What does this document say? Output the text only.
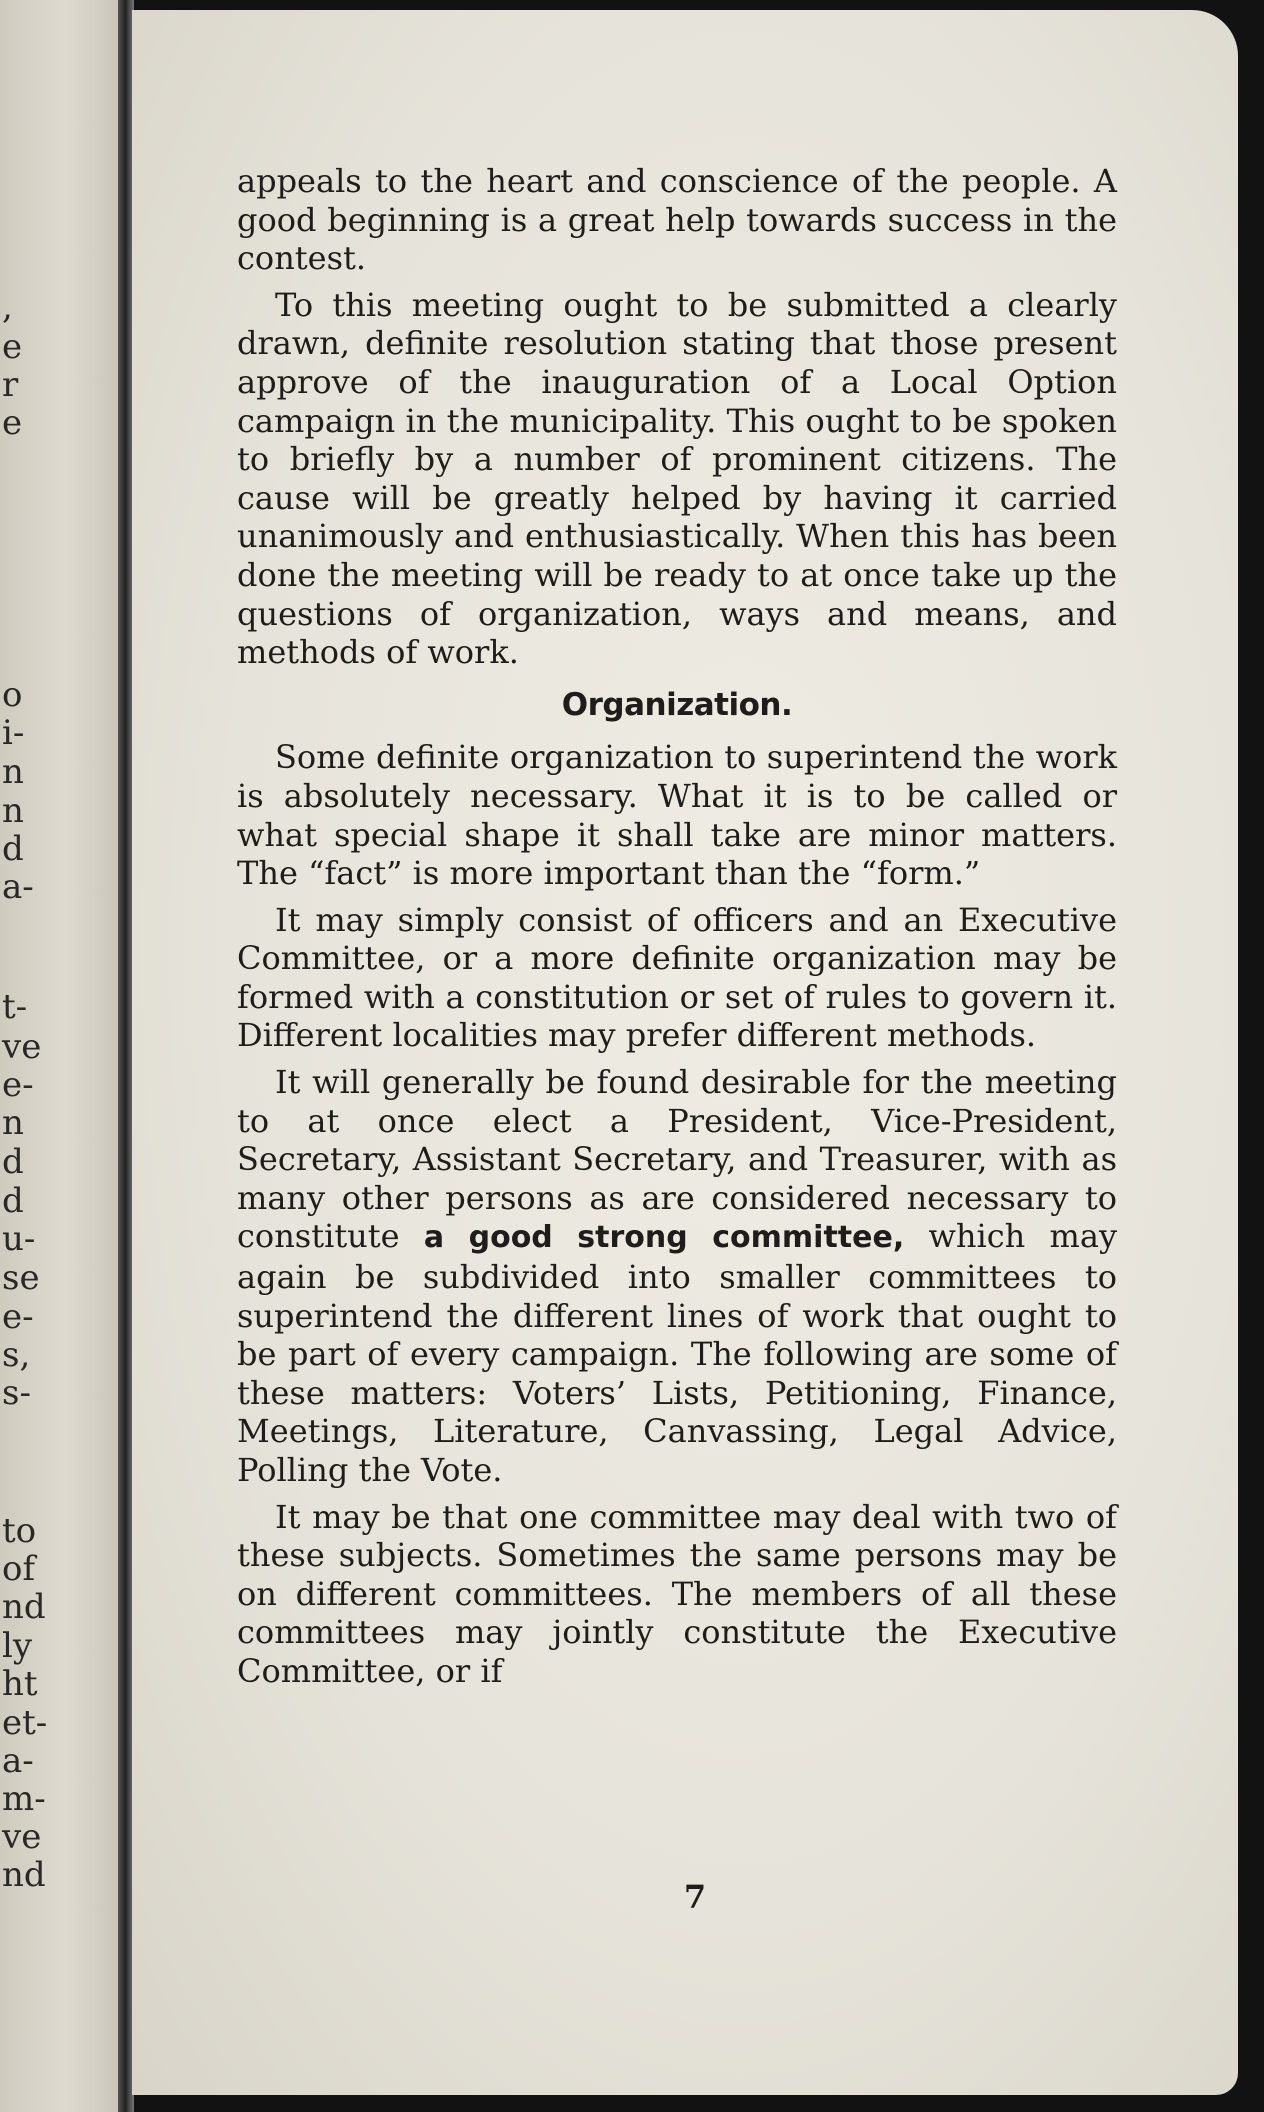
,
e
r
e
o
i-
n
n
d
a-
t-
ve
e-
n
d
d
u-
se
e-
s,
s-
to
of
nd
ly
ht
et-
a-
m-
ve
nd

appeals to the heart and conscience of the people. A good beginning is a great help towards success in the contest.

To this meeting ought to be submitted a clearly drawn, definite resolution stating that those present approve of the inauguration of a Local Option campaign in the municipality. This ought to be spoken to briefly by a number of prominent citizens. The cause will be greatly helped by having it carried unanimously and enthusiastically. When this has been done the meeting will be ready to at once take up the questions of organization, ways and means, and methods of work.

Organization.

Some definite organization to superintend the work is absolutely necessary. What it is to be called or what special shape it shall take are minor matters. The “fact” is more important than the “form.”

It may simply consist of officers and an Executive Committee, or a more definite organization may be formed with a constitution or set of rules to govern it. Different localities may prefer different methods.

It will generally be found desirable for the meeting to at once elect a President, Vice-President, Secretary, Assistant Secretary, and Treasurer, with as many other persons as are considered necessary to constitute a good strong committee, which may again be subdivided into smaller committees to superintend the different lines of work that ought to be part of every campaign. The following are some of these matters: Voters’ Lists, Petitioning, Finance, Meetings, Literature, Canvassing, Legal Advice, Polling the Vote.

It may be that one committee may deal with two of these subjects. Sometimes the same persons may be on different committees. The members of all these committees may jointly constitute the Executive Committee, or if

7
